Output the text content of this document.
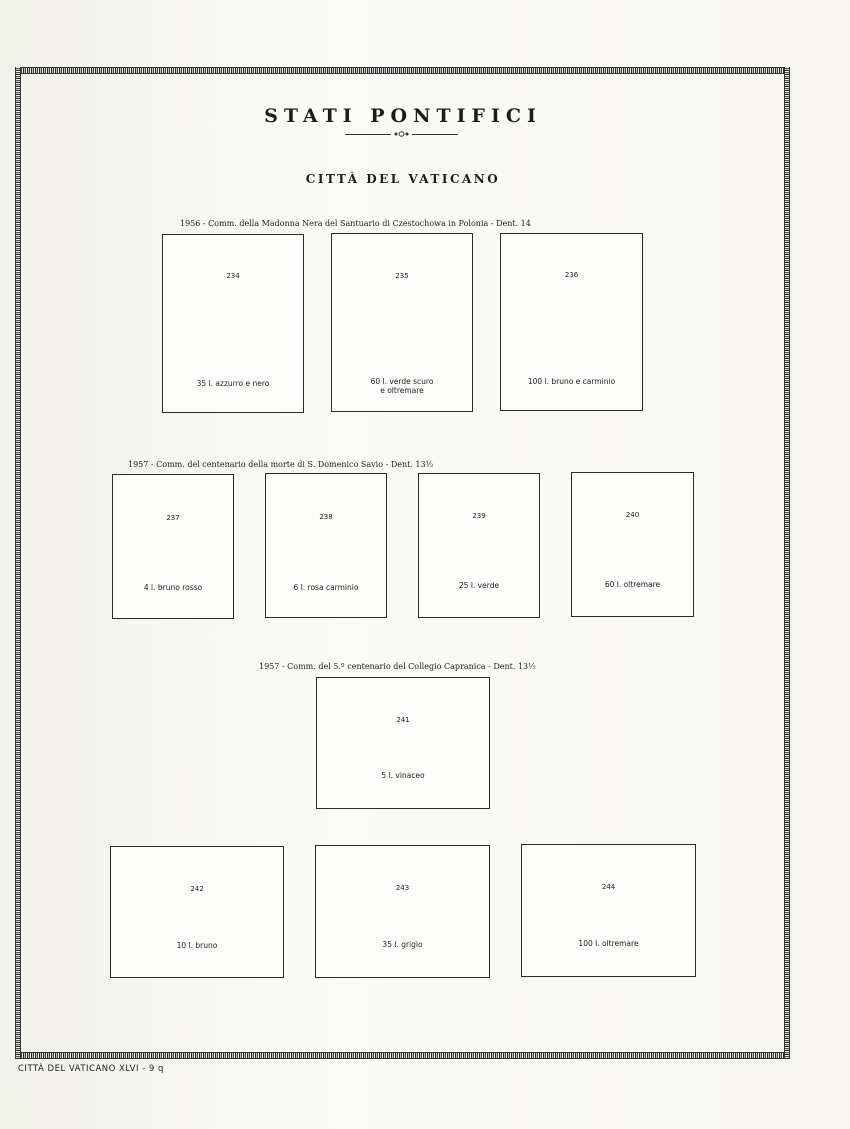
STATI PONTIFICI
CITTÀ DEL VATICANO
1956 - Comm. della Madonna Nera del Santuario di Czestochowa in Polonia - Dent. 14
234
35 l. azzurro e nero
235
60 l. verde scuro e oltremare
236
100 l. bruno e carminio
1957 - Comm. del centenario della morte di S. Domenico Savio - Dent. 13½
237
4 l. bruno rosso
238
6 l. rosa carminio
239
25 l. verde
240
60 l. oltremare
1957 - Comm. del 5.º centenario del Collegio Capranica - Dent. 13½
241
5 l. vinaceo
242
10 l. bruno
243
35 l. grigio
244
100 l. oltremare
CITTÀ DEL VATICANO XLVI - 9 q
